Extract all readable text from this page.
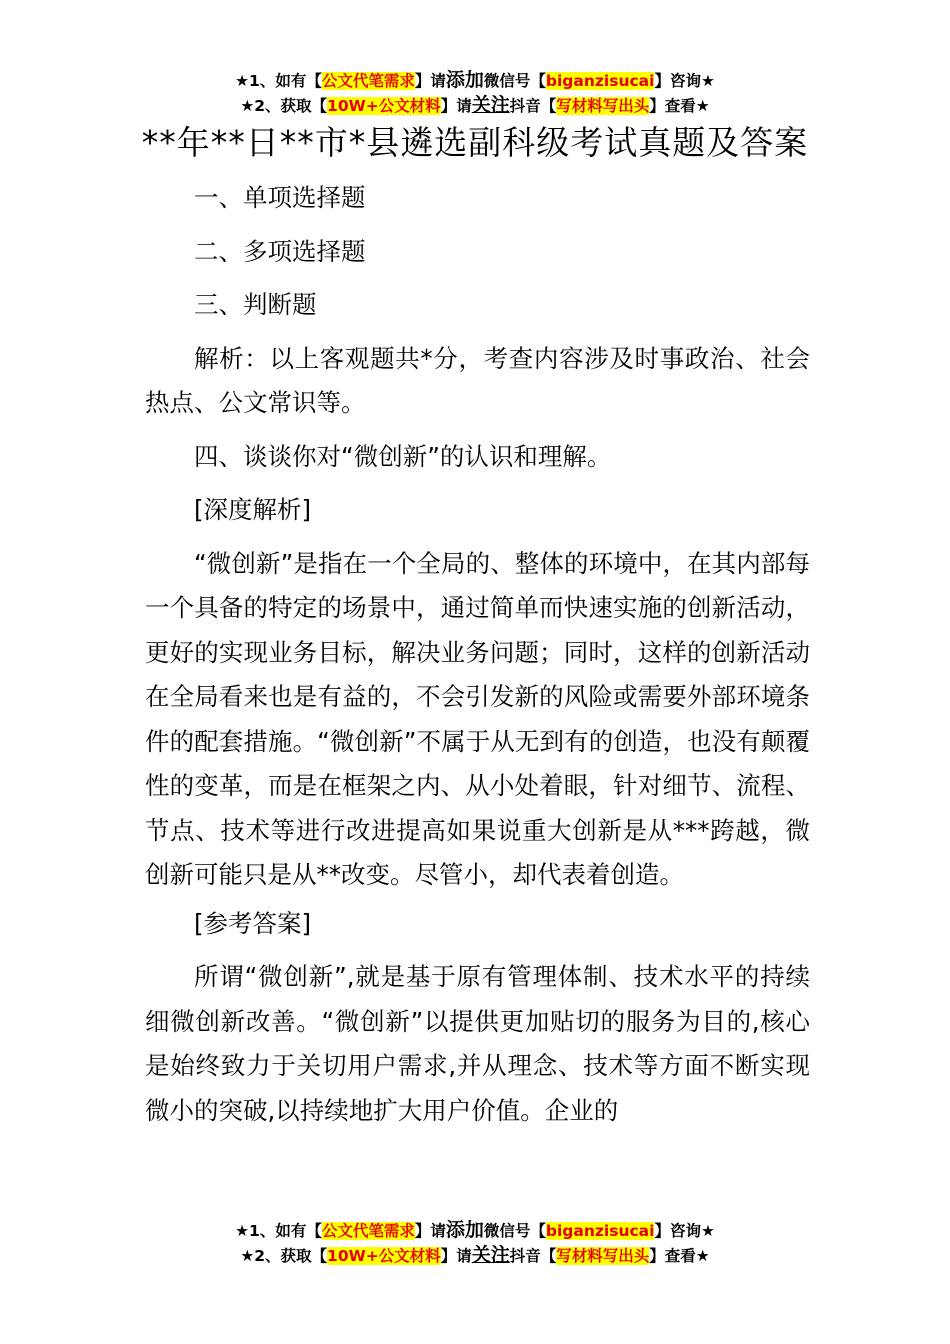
★1、如有【公文代笔需求】请添加微信号【biganzisucai】咨询★
★2、获取【10W+公文材料】请关注抖音【写材料写出头】查看★
**年**日**市*县遴选副科级考试真题及答案

一、单项选择题

二、多项选择题

三、判断题

解析：以上客观题共*分，考查内容涉及时事政治、社会热点、公文常识等。

四、谈谈你对“微创新”的认识和理解。

[深度解析]

“微创新”是指在一个全局的、整体的环境中，在其内部每一个具备的特定的场景中，通过简单而快速实施的创新活动，更好的实现业务目标，解决业务问题；同时，这样的创新活动在全局看来也是有益的，不会引发新的风险或需要外部环境条件的配套措施。“微创新”不属于从无到有的创造，也没有颠覆性的变革，而是在框架之内、从小处着眼，针对细节、流程、节点、技术等进行改进提高如果说重大创新是从***跨越，微创新可能只是从**改变。尽管小，却代表着创造。

[参考答案]

所谓“微创新”,就是基于原有管理体制、技术水平的持续细微创新改善。“微创新”以提供更加贴切的服务为目的,核心是始终致力于关切用户需求,并从理念、技术等方面不断实现微小的突破,以持续地扩大用户价值。企业的

★1、如有【公文代笔需求】请添加微信号【biganzisucai】咨询★
★2、获取【10W+公文材料】请关注抖音【写材料写出头】查看★
